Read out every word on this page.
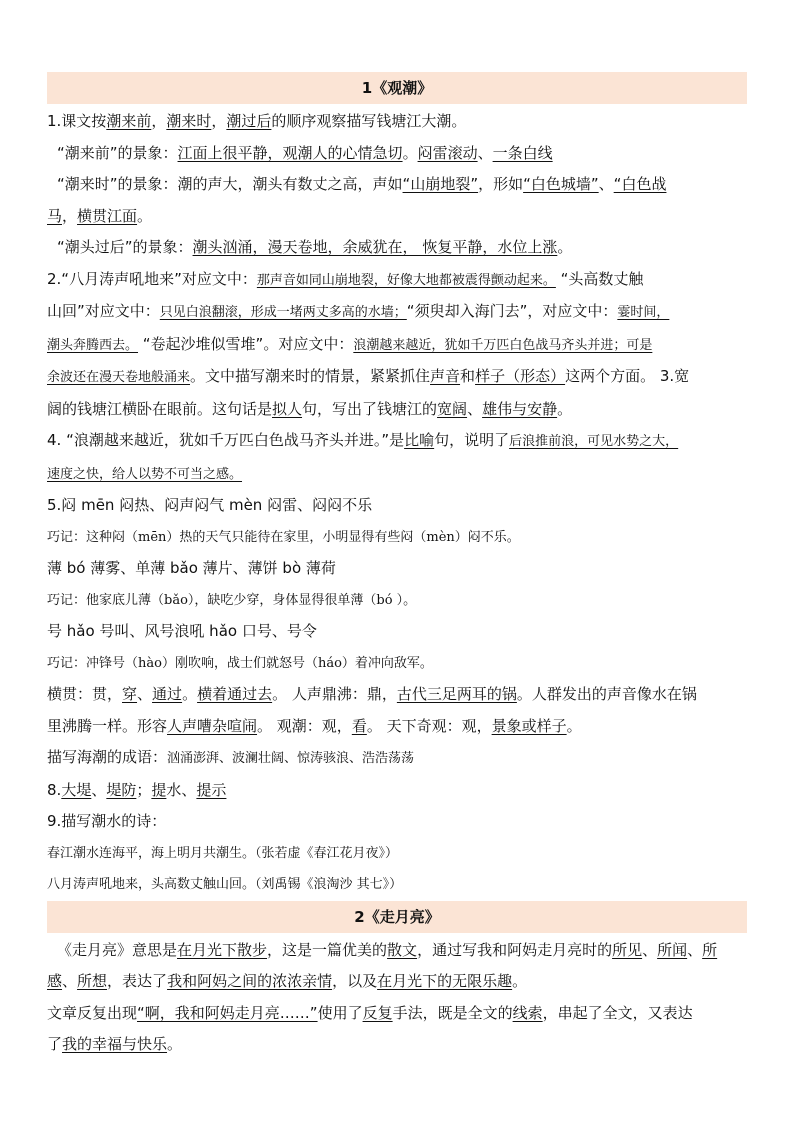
1《观潮》
1.课文按潮来前，潮来时，潮过后的顺序观察描写钱塘江大潮。
“潮来前”的景象：江面上很平静，观潮人的心情急切。闷雷滚动、一条白线
“潮来时”的景象：潮的声大，潮头有数丈之高，声如“山崩地裂”，形如“白色城墙”、“白色战
马，横贯江面。
“潮头过后”的景象：潮头汹涌，漫天卷地，余威犹在， 恢复平静，水位上涨。
2.“八月涛声吼地来”对应文中：那声音如同山崩地裂，好像大地都被震得颤动起来。 “头高数丈触
山回”对应文中：只见白浪翻滚，形成一堵两丈多高的水墙；“须臾却入海门去”，对应文中：霎时间，
潮头奔腾西去。 “卷起沙堆似雪堆”。对应文中：浪潮越来越近，犹如千万匹白色战马齐头并进；可是
余波还在漫天卷地般涌来。文中描写潮来时的情景，紧紧抓住声音和样子（形态）这两个方面。 3.宽
阔的钱塘江横卧在眼前。这句话是拟人句，写出了钱塘江的宽阔、雄伟与安静。
4. “浪潮越来越近，犹如千万匹白色战马齐头并进。”是比喻句，说明了后浪推前浪，可见水势之大，
速度之快，给人以势不可当之感。
5.闷 mēn 闷热、闷声闷气 mèn 闷雷、闷闷不乐
巧记：这种闷（mēn）热的天气只能待在家里，小明显得有些闷（mèn）闷不乐。
薄 bó 薄雾、单薄 bǎo 薄片、薄饼 bò 薄荷
巧记：他家底儿薄（bǎo），缺吃少穿，身体显得很单薄（bó ）。
号 hǎo 号叫、风号浪吼 hǎo 口号、号令
巧记：冲锋号（hào）刚吹响，战士们就怒号（háo）着冲向敌军。
横贯：贯，穿、通过。横着通过去。 人声鼎沸：鼎，古代三足两耳的锅。人群发出的声音像水在锅
里沸腾一样。形容人声嘈杂喧闹。 观潮：观，看。 天下奇观：观，景象或样子。
描写海潮的成语：汹涌澎湃、波澜壮阔、惊涛骇浪、浩浩荡荡
8.大堤、堤防；提水、提示
9.描写潮水的诗：
春江潮水连海平，海上明月共潮生。（张若虚《春江花月夜》）
八月涛声吼地来，头高数丈触山回。（刘禹锡《浪淘沙 其七》）
2《走月亮》
《走月亮》意思是在月光下散步，这是一篇优美的散文，通过写我和阿妈走月亮时的所见、所闻、所
感、所想，表达了我和阿妈之间的浓浓亲情，以及在月光下的无限乐趣。
文章反复出现“啊，我和阿妈走月亮……”使用了反复手法，既是全文的线索，串起了全文，又表达
了我的幸福与快乐。
